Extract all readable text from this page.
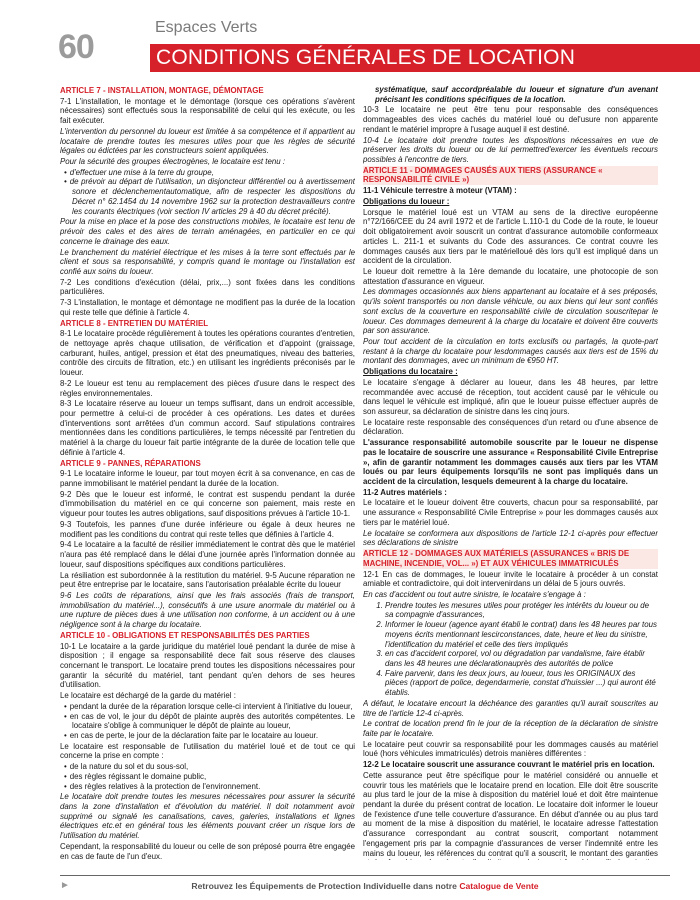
60
Espaces Verts
CONDITIONS GÉNÉRALES DE LOCATION
ARTICLE 7 - INSTALLATION, MONTAGE, DÉMONTAGE

7-1 L'installation, le montage et le démontage (lorsque ces opérations s'avèrent nécessaires) sont effectués sous la responsabilité de celui qui les exécute, ou les fait exécuter.

L'intervention du personnel du loueur est limitée à sa compétence et il appartient au locataire de prendre toutes les mesures utiles pour que les règles de sécurité légales ou édictées par les constructeurs soient appliquées.

Pour la sécurité des groupes électrogènes, le locataire est tenu :

• d'effectuer une mise à la terre du groupe,
• de prévoir au départ de l'utilisation, un disjoncteur différentiel ou à avertissement sonore et déclenchementautomatique, afin de respecter les dispositions du Décret n° 62.1454 du 14 novembre 1962 sur la protection destravailleurs contre les courants électriques (voir section IV articles 29 à 40 du décret précité).

Pour la mise en place et la pose des constructions mobiles, le locataire est tenu de prévoir des cales et des aires de terrain aménagées, en particulier en ce qui concerne le drainage des eaux.

Le branchement du matériel électrique et les mises à la terre sont effectués par le client et sous sa responsabilité, y compris quand le montage ou l'installation est confié aux soins du loueur.

7-2 Les conditions d'exécution (délai, prix,...) sont fixées dans les conditions particulières.

7-3 L'installation, le montage et démontage ne modifient pas la durée de la location qui reste telle que définie à l'article 4.

ARTICLE 8 - ENTRETIEN DU MATÉRIEL

8-1 Le locataire procède régulièrement à toutes les opérations courantes d'entretien, de nettoyage après chaque utilisation, de vérification et d'appoint (graissage, carburant, huiles, antigel, pression et état des pneumatiques, niveau des batteries, contrôle des circuits de filtration, etc.) en utilisant les ingrédients préconisés par le loueur.

8-2 Le loueur est tenu au remplacement des pièces d'usure dans le respect des règles environnementales.

8-3 Le locataire réserve au loueur un temps suffisant, dans un endroit accessible, pour permettre à celui-ci de procéder à ces opérations. Les dates et durées d'interventions sont arrêtées d'un commun accord. Sauf stipulations contraires mentionnées dans les conditions particulières, le temps nécessité par l'entretien du matériel à la charge du loueur fait partie intégrante de la durée de location telle que définie à l'article 4.

ARTICLE 9 - PANNES, RÉPARATIONS

9-1 Le locataire informe le loueur, par tout moyen écrit à sa convenance, en cas de panne immobilisant le matériel pendant la durée de la location.

9-2 Dès que le loueur est informé, le contrat est suspendu pendant la durée d'immobilisation du matériel en ce qui concerne son paiement, mais reste en vigueur pour toutes les autres obligations, sauf dispositions prévues à l'article 10-1.

9-3 Toutefois, les pannes d'une durée inférieure ou égale à deux heures ne modifient pas les conditions du contrat qui reste telles que définies à l'article 4.

9-4 Le locataire a la faculté de résilier immédiatement le contrat dès que le matériel n'aura pas été remplacé dans le délai d'une journée après l'information donnée au loueur, sauf dispositions spécifiques aux conditions particulières.

La résiliation est subordonnée à la restitution du matériel. 9-5 Aucune réparation ne peut être entreprise par le locataire, sans l'autorisation préalable écrite du loueur

9-6 Les coûts de réparations, ainsi que les frais associés (frais de transport, immobilisation du matériel...), consécutifs à une usure anormale du matériel ou à une rupture de pièces dues à une utilisation non conforme, à un accident ou à une négligence sont à la charge du locataire.

ARTICLE 10 - OBLIGATIONS ET RESPONSABILITÉS DES PARTIES

10-1 Le locataire a la garde juridique du matériel loué pendant la durée de mise à disposition ; il engage sa responsabilité dece fait sous réserve des clauses concernant le transport. Le locataire prend toutes les dispositions nécessaires pour garantir la sécurité du matériel, tant pendant qu'en dehors de ses heures d'utilisation.

Le locataire est déchargé de la garde du matériel :

• pendant la durée de la réparation lorsque celle-ci intervient à l'initiative du loueur,
• en cas de vol, le jour du dépôt de plainte auprès des autorités compétentes. Le locataire s'oblige à communiquer le dépôt de plainte au loueur,
• en cas de perte, le jour de la déclaration faite par le locataire au loueur.

Le locataire est responsable de l'utilisation du matériel loué et de tout ce qui concerne la prise en compte :

• de la nature du sol et du sous-sol,
• des règles régissant le domaine public,
• des règles relatives à la protection de l'environnement.

Le locataire doit prendre toutes les mesures nécessaires pour assurer la sécurité dans la zone d'installation et d'évolution du matériel. Il doit notamment avoir supprimé ou signalé les canalisations, caves, galeries, installations et lignes électriques etc.et en général tous les éléments pouvant créer un risque lors de l'utilisation du matériel.

Cependant, la responsabilité du loueur ou celle de son préposé pourra être engagée en cas de faute de l'un d'eux.

systématique, sauf accordpréalable du loueur et signature d'un avenant précisant les conditions spécifiques de la location.

10-3 Le locataire ne peut être tenu pour responsable des conséquences dommageables des vices cachés du matériel loué ou del'usure non apparente rendant le matériel impropre à l'usage auquel il est destiné.

10-4 Le locataire doit prendre toutes les dispositions nécessaires en vue de préserver les droits du loueur ou de lui permettred'exercer les éventuels recours possibles à l'encontre de tiers.

ARTICLE 11 - DOMMAGES CAUSÉS AUX TIERS (ASSURANCE « RESPONSABILITÉ CIVILE »)

11-1 Véhicule terrestre à moteur (VTAM) :

Obligations du loueur :

Lorsque le matériel loué est un VTAM au sens de la directive européenne n°72/166/CEE du 24 avril 1972 et de l'article L.110-1 du Code de la route, le loueur doit obligatoirement avoir souscrit un contrat d'assurance automobile conformeaux articles L. 211-1 et suivants du Code des assurances. Ce contrat couvre les dommages causés aux tiers par le matérielloué dès lors qu'il est impliqué dans un accident de la circulation.

Le loueur doit remettre à la 1ère demande du locataire, une photocopie de son attestation d'assurance en vigueur.

Les dommages occasionnés aux biens appartenant au locataire et à ses préposés, qu'ils soient transportés ou non dansle véhicule, ou aux biens qui leur sont confiés sont exclus de la couverture en responsabilité civile de circulation souscritepar le loueur. Ces dommages demeurent à la charge du locataire et doivent être couverts par son assurance.

Pour tout accident de la circulation en torts exclusifs ou partagés, la quote-part restant à la charge du locataire pour lesdommages causés aux tiers est de 15% du montant des dommages, avec un minimum de €950 HT.

Obligations du locataire :

Le locataire s'engage à déclarer au loueur, dans les 48 heures, par lettre recommandée avec accusé de réception, tout accident causé par le véhicule ou dans lequel le véhicule est impliqué, afin que le loueur puisse effectuer auprès de son assureur, sa déclaration de sinistre dans les cinq jours.

Le locataire reste responsable des conséquences d'un retard ou d'une absence de déclaration.

L'assurance responsabilité automobile souscrite par le loueur ne dispense pas le locataire de souscrire une assurance « Responsabilité Civile Entreprise », afin de garantir notamment les dommages causés aux tiers par les VTAM loués ou par leurs équipements lorsqu'ils ne sont pas impliqués dans un accident de la circulation, lesquels demeurent à la charge du locataire.

11-2 Autres matériels :

Le locataire et le loueur doivent être couverts, chacun pour sa responsabilité, par une assurance « Responsabilité Civile Entreprise » pour les dommages causés aux tiers par le matériel loué.

Le locataire se conformera aux dispositions de l'article 12-1 ci-après pour effectuer ses déclarations de sinistre

ARTICLE 12 - DOMMAGES AUX MATÉRIELS (ASSURANCES « BRIS DE MACHINE, INCENDIE, VOL... ») ET AUX VÉHICULES IMMATRICULÉS

12-1 En cas de dommages, le loueur invite le locataire à procéder à un constat amiable et contradictoire, qui doit intervenirdans un délai de 5 jours ouvrés.

En cas d'accident ou tout autre sinistre, le locataire s'engage à :

1. Prendre toutes les mesures utiles pour protéger les intérêts du loueur ou de sa compagnie d'assurances,
2. Informer le loueur (agence ayant établi le contrat) dans les 48 heures par tous moyens écrits mentionnant lescirconstances, date, heure et lieu du sinistre, l'identification du matériel et celle des tiers impliqués
3. en cas d'accident corporel, vol ou dégradation par vandalisme, faire établir dans les 48 heures une déclarationauprès des autorités de police
4. Faire parvenir, dans les deux jours, au loueur, tous les ORIGINAUX des pièces (rapport de police, degendarmerie, constat d'huissier ...) qui auront été établis.

A défaut, le locataire encourt la déchéance des garanties qu'il aurait souscrites au titre de l'article 12-4 ci-après.

Le contrat de location prend fin le jour de la réception de la déclaration de sinistre faite par le locataire.

Le locataire peut couvrir sa responsabilité pour les dommages causés au matériel loué (hors véhicules immatriculés) detrois manières différentes :

12-2 Le locataire souscrit une assurance couvrant le matériel pris en location.

Cette assurance peut être spécifique pour le matériel considéré ou annuelle et couvrir tous les matériels que le locataire prend en location. Elle doit être souscrite au plus tard le jour de la mise à disposition du matériel loué et doit être maintenue pendant la durée du présent contrat de location. Le locataire doit informer le loueur de l'existence d'une telle couverture d'assurance. En début d'année ou au plus tard au moment de la mise à disposition du matériel, le locataire adresse l'attestation d'assurance correspondant au contrat souscrit, comportant notamment l'engagement pris par la compagnie d'assurances de verser l'indemnité entre les mains du loueur, les références du contrat qu'il a souscrit, le montant des garanties

►	Retrouvez les Équipements de Protection Individuelle dans notre Catalogue de Vente
